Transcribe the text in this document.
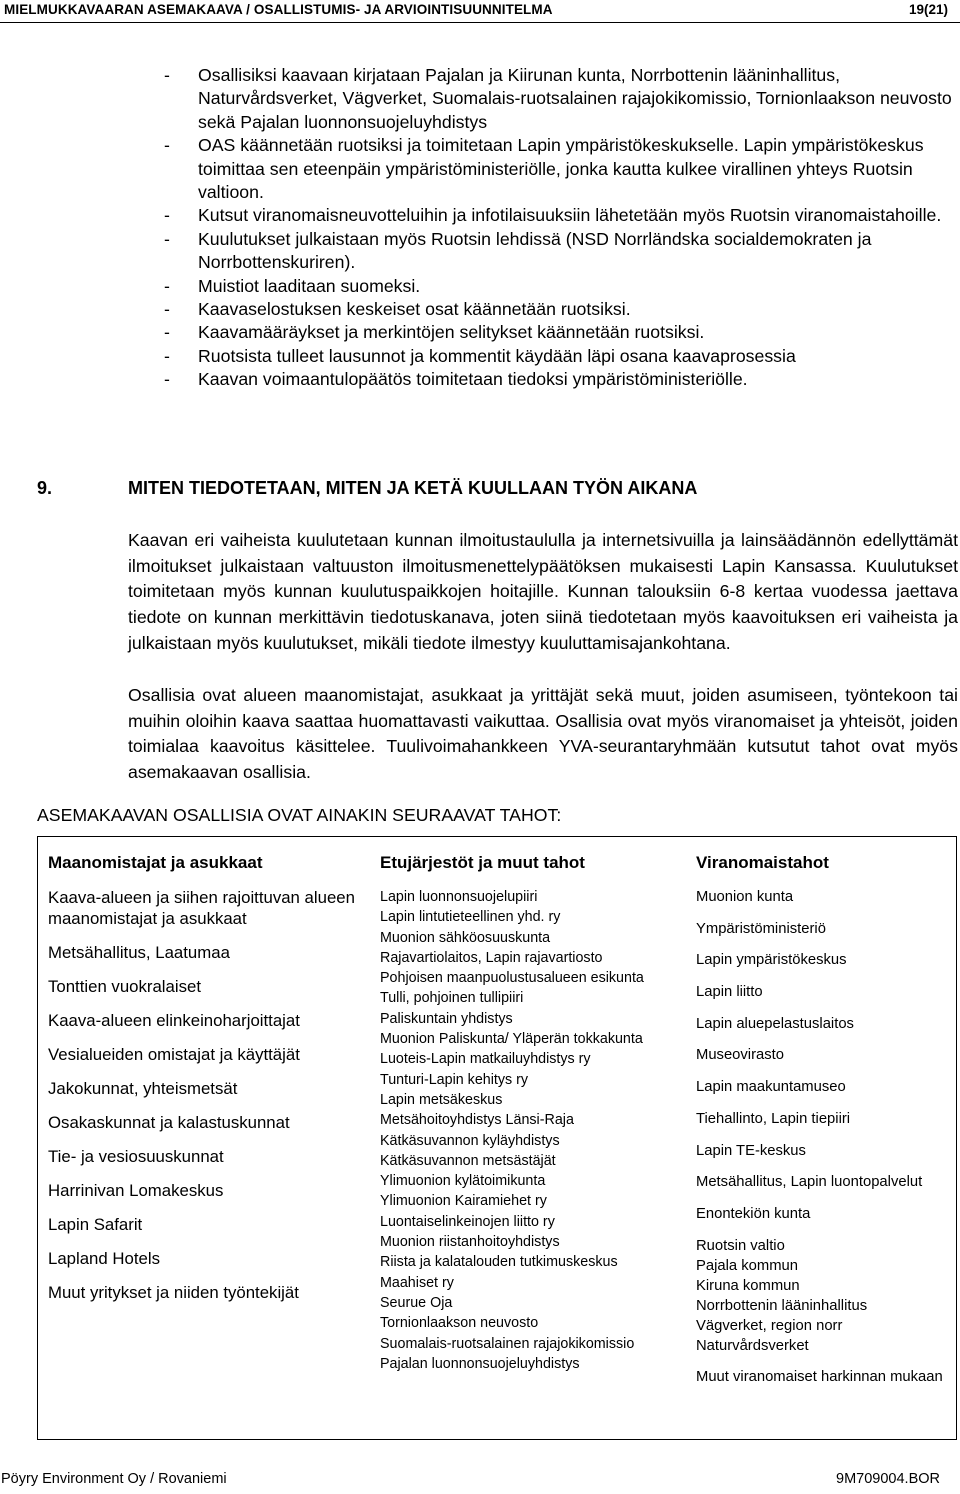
MIELMUKKAVAARAN ASEMAKAAVA / OSALLISTUMIS- JA ARVIOINTISUUNNITELMA	19(21)
- Osallisiksi kaavaan kirjataan Pajalan ja Kiirunan kunta, Norrbottenin lääninhallitus, Naturvårdsverket, Vägverket, Suomalais-ruotsalainen rajajokikomissio, Tornionlaakson neuvosto sekä Pajalan luonnonsuojeluyhdistys
- OAS käännetään ruotsiksi ja toimitetaan Lapin ympäristökeskukselle. Lapin ympäristökeskus toimittaa sen eteenpäin ympäristöministeriölle, jonka kautta kulkee virallinen yhteys Ruotsin valtioon.
- Kutsut viranomaisneuvotteluihin ja infotilaisuuksiin lähetetään myös Ruotsin viranomaistahoille.
- Kuulutukset julkaistaan myös Ruotsin lehdissä (NSD Norrländska socialdemokraten ja Norrbottenskuriren).
- Muistiot laaditaan suomeksi.
- Kaavaselostuksen keskeiset osat käännetään ruotsiksi.
- Kaavamääräykset ja merkintöjen selitykset käännetään ruotsiksi.
- Ruotsista tulleet lausunnot ja kommentit käydään läpi osana kaavaprosessia
- Kaavan voimaantulopäätös toimitetaan tiedoksi ympäristöministeriölle.
9.	MITEN TIEDOTETAAN, MITEN JA KETÄ KUULLAAN TYÖN AIKANA

Kaavan eri vaiheista kuulutetaan kunnan ilmoitustaululla ja internetsivuilla ja lainsäädännön edellyttämät ilmoitukset julkaistaan valtuuston ilmoitusmenettelypäätöksen mukaisesti Lapin Kansassa. Kuulutukset toimitetaan myös kunnan kuulutuspaikkojen hoitajille. Kunnan talouksiin 6-8 kertaa vuodessa jaettava tiedote on kunnan merkittävin tiedotuskanava, joten siinä tiedotetaan myös kaavoituksen eri vaiheista ja julkaistaan myös kuulutukset, mikäli tiedote ilmestyy kuuluttamisajankohtana.

Osallisia ovat alueen maanomistajat, asukkaat ja yrittäjät sekä muut, joiden asumiseen, työntekoon tai muihin oloihin kaava saattaa huomattavasti vaikuttaa. Osallisia ovat myös viranomaiset ja yhteisöt, joiden toimialaa kaavoitus käsittelee. Tuulivoimahankkeen YVA-seurantaryhmään kutsutut tahot ovat myös asemakaavan osallisia.

ASEMAKAAVAN OSALLISIA OVAT AINAKIN SEURAAVAT TAHOT:
Maanomistajat ja asukkaat
Kaava-alueen ja siihen rajoittuvan alueen maanomistajat ja asukkaat
Metsähallitus, Laatumaa
Tonttien vuokralaiset
Kaava-alueen elinkeinoharjoittajat
Vesialueiden omistajat ja käyttäjät
Jakokunnat, yhteismetsät
Osakaskunnat ja kalastuskunnat
Tie- ja vesiosuuskunnat
Harrinivan Lomakeskus
Lapin Safarit
Lapland Hotels
Muut yritykset ja niiden työntekijät
Etujärjestöt ja muut tahot
Lapin luonnonsuojelupiiri
Lapin lintutieteellinen yhd. ry
Muonion sähköosuuskunta
Rajavartiolaitos, Lapin rajavartiosto
Pohjoisen maanpuolustusalueen esikunta
Tulli, pohjoinen tullipiiri
Paliskuntain yhdistys
Muonion Paliskunta/ Yläperän tokkakunta
Luoteis-Lapin matkailuyhdistys ry
Tunturi-Lapin kehitys ry
Lapin metsäkeskus
Metsähoitoyhdistys Länsi-Raja
Kätkäsuvannon kyläyhdistys
Kätkäsuvannon metsästäjät
Ylimuonion kylätoimikunta
Ylimuonion Kairamiehet ry
Luontaiselinkeinojen liitto ry
Muonion riistanhoitoyhdistys
Riista ja kalatalouden tutkimuskeskus
Maahiset ry
Seurue Oja
Tornionlaakson neuvosto
Suomalais-ruotsalainen rajajokikomissio
Pajalan luonnonsuojeluyhdistys
Viranomaistahot
Muonion kunta
Ympäristöministeriö
Lapin ympäristökeskus
Lapin liitto
Lapin aluepelastuslaitos
Museovirasto
Lapin maakuntamuseo
Tiehallinto, Lapin tiepiiri
Lapin TE-keskus
Metsähallitus, Lapin luontopalvelut
Enontekiön kunta
Ruotsin valtio
Pajala kommun
Kiruna kommun
Norrbottenin lääninhallitus
Vägverket, region norr
Naturvårdsverket
Muut viranomaiset harkinnan mukaan
Pöyry Environment Oy / Rovaniemi	9M709004.BOR
